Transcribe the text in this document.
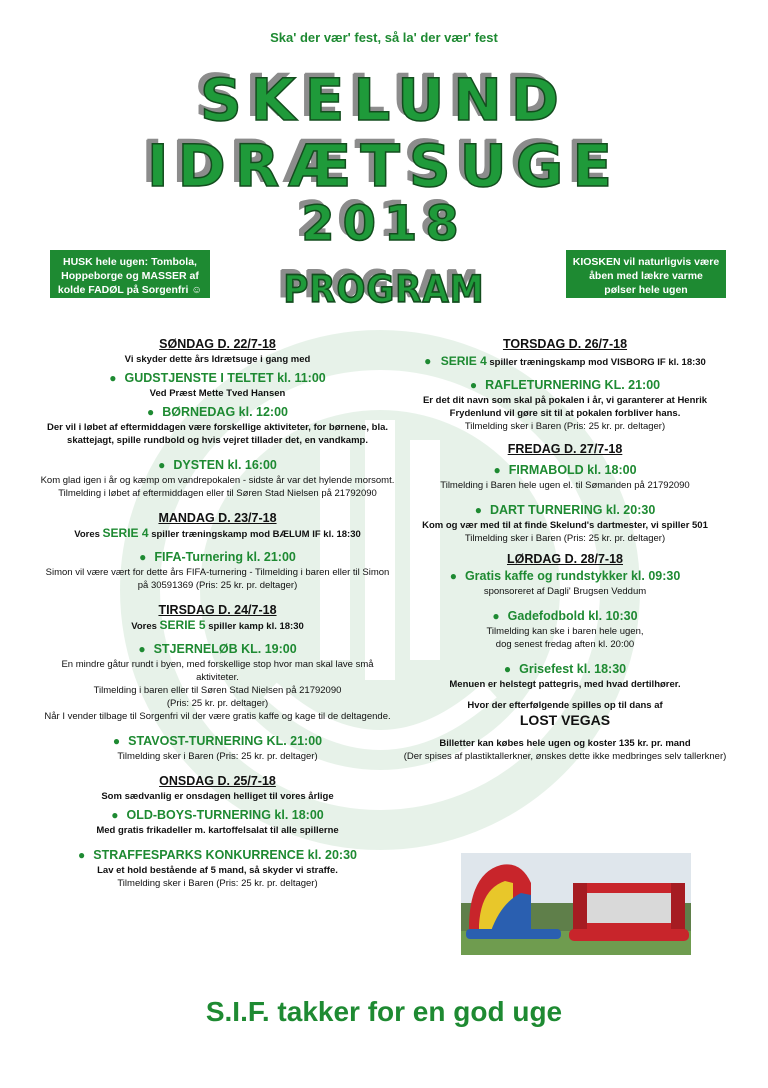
Ska' der vær' fest, så la' der vær' fest
SKELUND
IDRÆTSUGE
2018
PROGRAM
HUSK hele ugen: Tombola, Hoppeborge og MASSER af kolde FADØL på Sorgenfri ☺
KIOSKEN vil naturligvis være åben med lækre varme pølser hele ugen
SØNDAG D. 22/7-18
Vi skyder dette års Idrætsuge i gang med
● GUDSTJENSTE I TELTET kl. 11:00
Ved Præst Mette Tved Hansen
● BØRNEDAG kl. 12:00
Der vil i løbet af eftermiddagen være forskellige aktiviteter, for børnene, bla. skattejagt, spille rundbold og hvis vejret tillader det, en vandkamp.
● DYSTEN kl. 16:00
Kom glad igen i år og kæmp om vandrepokalen - sidste år var det hylende morsomt. Tilmelding i løbet af eftermiddagen eller til Søren Stad Nielsen på 21792090
MANDAG D. 23/7-18
Vores SERIE 4 spiller træningskamp mod BÆLUM IF kl. 18:30
● FIFA-Turnering kl. 21:00
Simon vil være vært for dette års FIFA-turnering - Tilmelding i baren eller til Simon på 30591369 (Pris: 25 kr. pr. deltager)
TIRSDAG D. 24/7-18
Vores SERIE 5 spiller kamp kl. 18:30
● STJERNELØB KL. 19:00
En mindre gåtur rundt i byen, med forskellige stop hvor man skal lave små aktiviteter.
Tilmelding i baren eller til Søren Stad Nielsen på 21792090
(Pris: 25 kr. pr. deltager)
Når I vender tilbage til Sorgenfri vil der være gratis kaffe og kage til de deltagende.
● STAVOST-TURNERING KL. 21:00
Tilmelding sker i Baren (Pris: 25 kr. pr. deltager)
ONSDAG D. 25/7-18
Som sædvanlig er onsdagen helliget til vores årlige
● OLD-BOYS-TURNERING kl. 18:00
Med gratis frikadeller m. kartoffelsalat til alle spillerne
● STRAFFESPARKS KONKURRENCE kl. 20:30
Lav et hold bestående af 5 mand, så skyder vi straffe.
Tilmelding sker i Baren (Pris: 25 kr. pr. deltager)
TORSDAG D. 26/7-18
●   SERIE 4 spiller træningskamp mod VISBORG IF kl. 18:30
● RAFLETURNERING KL. 21:00
Er det dit navn som skal på pokalen i år, vi garanterer at Henrik Frydenlund vil gøre sit til at pokalen forbliver hans.
Tilmelding sker i Baren (Pris: 25 kr. pr. deltager)
FREDAG D. 27/7-18
● FIRMABOLD kl. 18:00
Tilmelding i Baren hele ugen el. til Sømanden på 21792090
● DART TURNERING kl. 20:30
Kom og vær med til at finde Skelund's dartmester, vi spiller 501
Tilmelding sker i Baren (Pris: 25 kr. pr. deltager)
LØRDAG D. 28/7-18
● Gratis kaffe og rundstykker kl. 09:30
sponsoreret af Dagli' Brugsen Veddum
● Gadefodbold kl. 10:30
Tilmelding kan ske i baren hele ugen,
dog senest fredag aften kl. 20:00
● Grisefest kl. 18:30
Menuen er helstegt pattegris, med hvad dertilhører.
Hvor der efterfølgende spilles op til dans af
LOST VEGAS
Billetter kan købes hele ugen og koster 135 kr. pr. mand
(Der spises af plastiktallerkner, ønskes dette ikke medbringes selv tallerkner)
S.I.F. takker for en god uge
